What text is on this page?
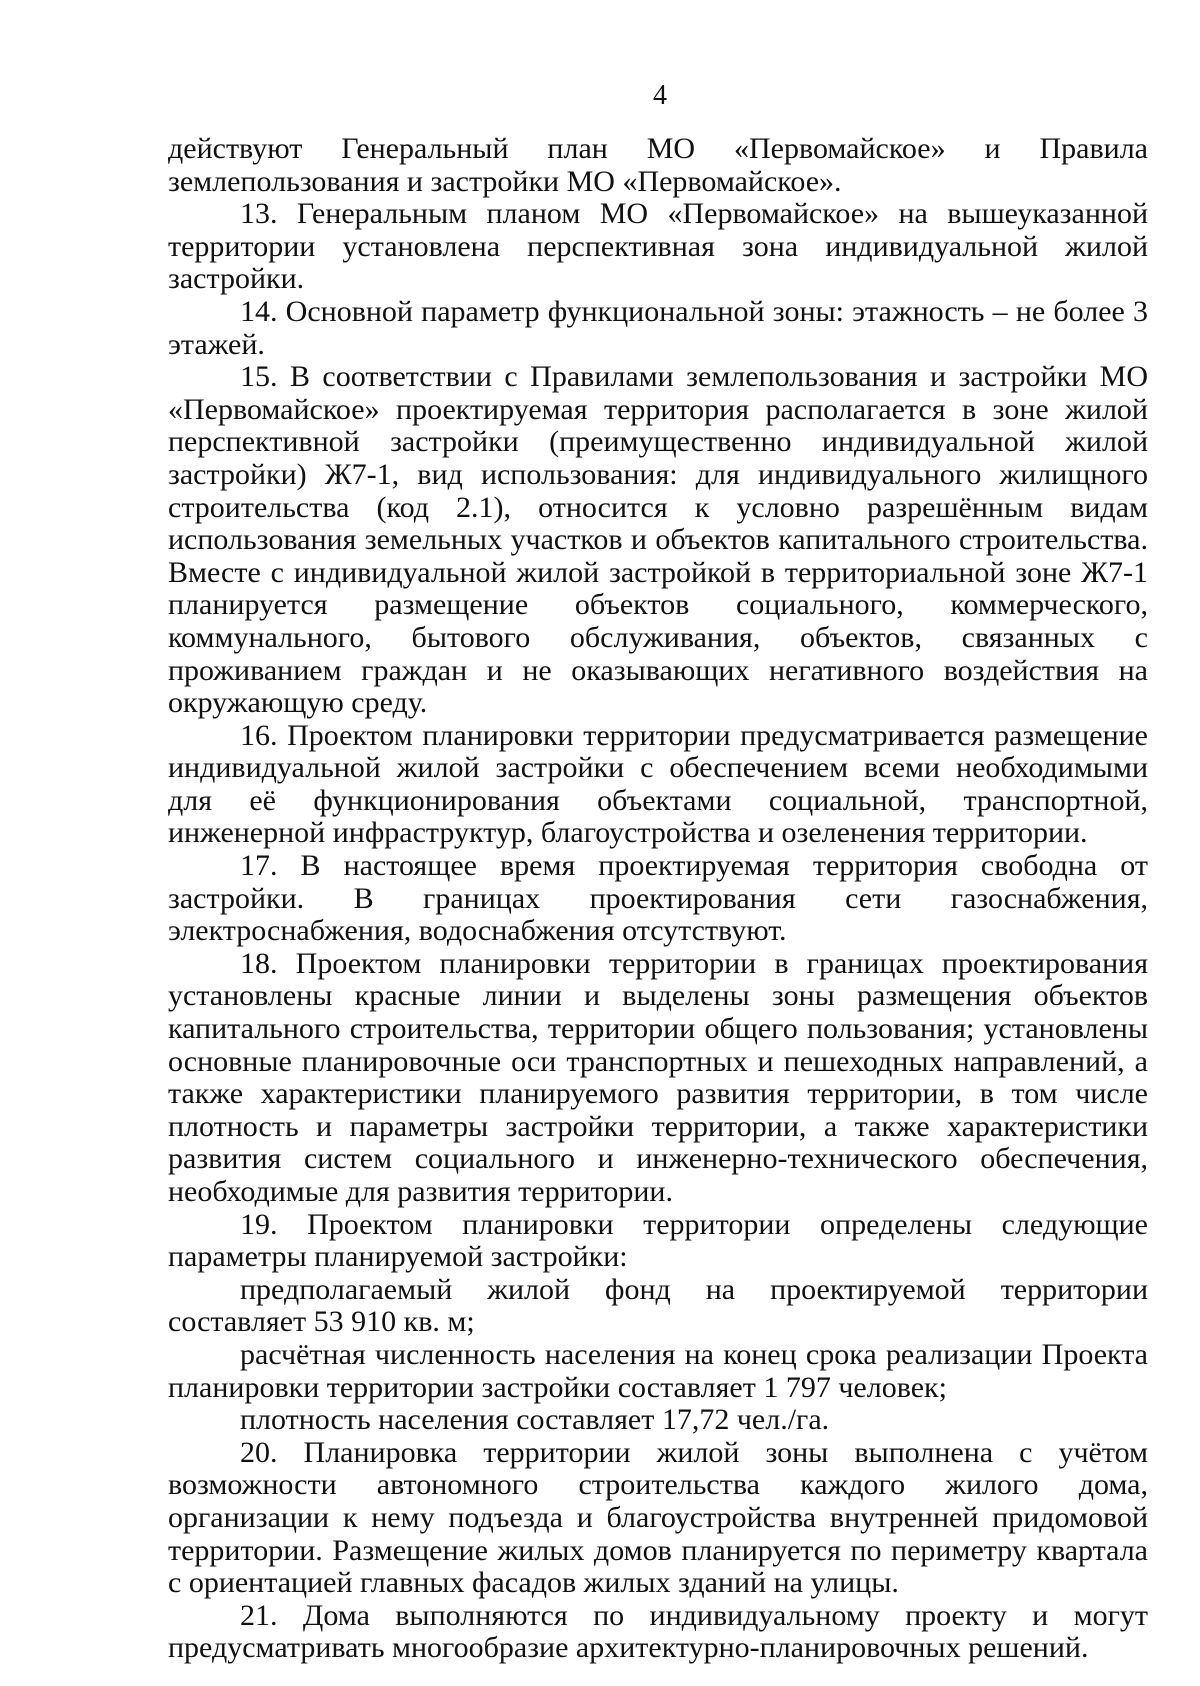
4

действуют Генеральный план МО «Первомайское» и Правила землепользования и застройки МО «Первомайское».

13. Генеральным планом МО «Первомайское» на вышеуказанной территории установлена перспективная зона индивидуальной жилой застройки.

14. Основной параметр функциональной зоны: этажность – не более 3 этажей.

15. В соответствии с Правилами землепользования и застройки МО «Первомайское» проектируемая территория располагается в зоне жилой перспективной застройки (преимущественно индивидуальной жилой застройки) Ж7-1, вид использования: для индивидуального жилищного строительства (код 2.1), относится к условно разрешённым видам использования земельных участков и объектов капитального строительства. Вместе с индивидуальной жилой застройкой в территориальной зоне Ж7-1 планируется размещение объектов социального, коммерческого, коммунального, бытового обслуживания, объектов, связанных с проживанием граждан и не оказывающих негативного воздействия на окружающую среду.

16. Проектом планировки территории предусматривается размещение индивидуальной жилой застройки с обеспечением всеми необходимыми для её функционирования объектами социальной, транспортной, инженерной инфраструктур, благоустройства и озеленения территории.

17. В настоящее время проектируемая территория свободна от застройки. В границах проектирования сети газоснабжения, электроснабжения, водоснабжения отсутствуют.

18. Проектом планировки территории в границах проектирования установлены красные линии и выделены зоны размещения объектов капитального строительства, территории общего пользования; установлены основные планировочные оси транспортных и пешеходных направлений, а также характеристики планируемого развития территории, в том числе плотность и параметры застройки территории, а также характеристики развития систем социального и инженерно-технического обеспечения, необходимые для развития территории.

19. Проектом планировки территории определены следующие параметры планируемой застройки:

предполагаемый жилой фонд на проектируемой территории составляет 53 910 кв. м;

расчётная численность населения на конец срока реализации Проекта планировки территории застройки составляет 1 797 человек;

плотность населения составляет 17,72 чел./га.

20. Планировка территории жилой зоны выполнена с учётом возможности автономного строительства каждого жилого дома, организации к нему подъезда и благоустройства внутренней придомовой территории. Размещение жилых домов планируется по периметру квартала с ориентацией главных фасадов жилых зданий на улицы.

21. Дома выполняются по индивидуальному проекту и могут предусматривать многообразие архитектурно-планировочных решений.
